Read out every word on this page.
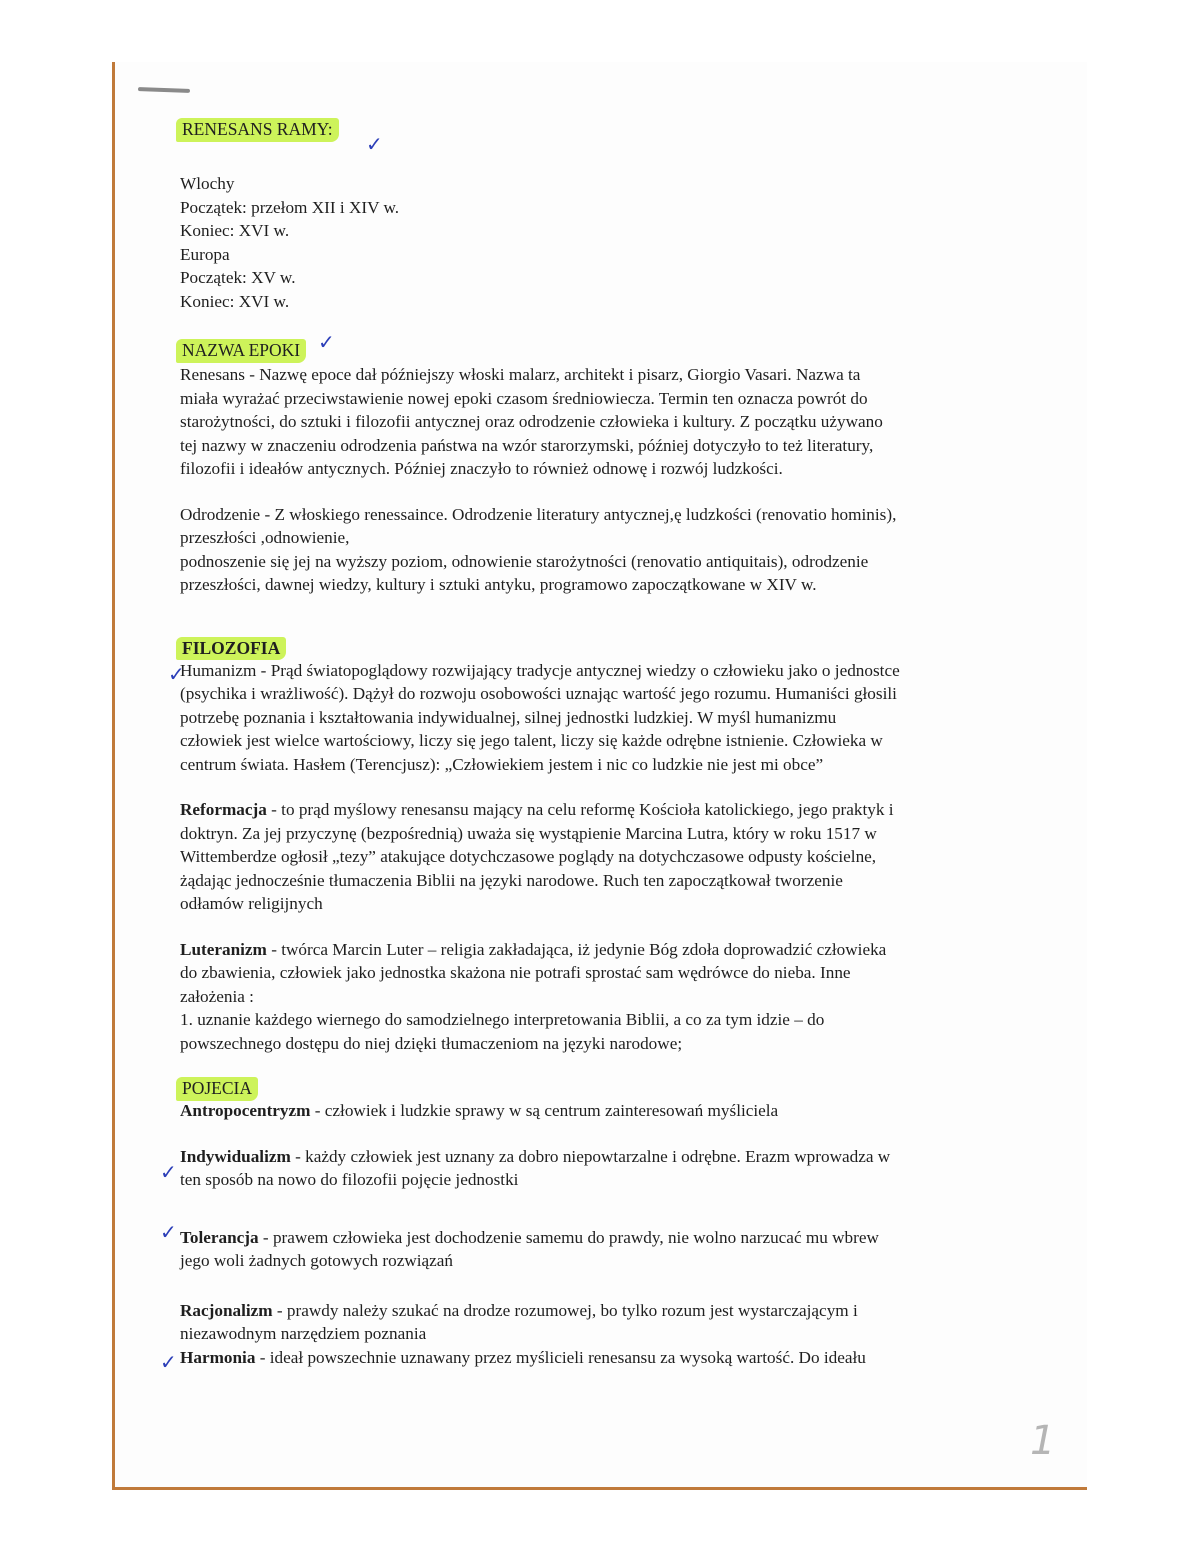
✓
✓
✓
✓
✓
✓
RENESANS RAMY:
Wlochy
Początek: przełom XII i XIV w.
Koniec: XVI w.
Europa
Początek: XV w.
Koniec: XVI w.
NAZWA EPOKI
Renesans - Nazwę epoce dał późniejszy włoski malarz, architekt i pisarz, Giorgio Vasari. Nazwa ta
miała wyrażać przeciwstawienie nowej epoki czasom średniowiecza. Termin ten oznacza powrót do
starożytności, do sztuki i filozofii antycznej oraz odrodzenie człowieka i kultury. Z początku używano
tej nazwy w znaczeniu odrodzenia państwa na wzór starorzymski, później dotyczyło to też literatury,
filozofii i ideałów antycznych. Później znaczyło to również odnowę i rozwój ludzkości.
Odrodzenie - Z włoskiego renessaince. Odrodzenie literatury antycznej,ę ludzkości (renovatio hominis),
przeszłości ,odnowienie,
podnoszenie się jej na wyższy poziom, odnowienie starożytności (renovatio antiquitais), odrodzenie
przeszłości, dawnej wiedzy, kultury i sztuki antyku, programowo zapoczątkowane w XIV w.
FILOZOFIA
Humanizm - Prąd światopoglądowy rozwijający tradycje antycznej wiedzy o człowieku jako o jednostce
(psychika i wrażliwość). Dążył do rozwoju osobowości uznając wartość jego rozumu. Humaniści głosili
potrzebę poznania i kształtowania indywidualnej, silnej jednostki ludzkiej. W myśl humanizmu
człowiek jest wielce wartościowy, liczy się jego talent, liczy się każde odrębne istnienie. Człowieka w
centrum świata. Hasłem (Terencjusz): „Człowiekiem jestem i nic co ludzkie nie jest mi obce”
Reformacja - to prąd myślowy renesansu mający na celu reformę Kościoła katolickiego, jego praktyk i
doktryn. Za jej przyczynę (bezpośrednią) uważa się wystąpienie Marcina Lutra, który w roku 1517 w
Wittemberdze ogłosił „tezy” atakujące dotychczasowe poglądy na dotychczasowe odpusty kościelne,
żądając jednocześnie tłumaczenia Biblii na języki narodowe. Ruch ten zapoczątkował tworzenie
odłamów religijnych
Luteranizm - twórca Marcin Luter – religia zakładająca, iż jedynie Bóg zdoła doprowadzić człowieka
do zbawienia, człowiek jako jednostka skażona nie potrafi sprostać sam wędrówce do nieba. Inne
założenia :
1. uznanie każdego wiernego do samodzielnego interpretowania Biblii, a co za tym idzie – do
powszechnego dostępu do niej dzięki tłumaczeniom na języki narodowe;
POJECIA
Antropocentryzm - człowiek i ludzkie sprawy w są centrum zainteresowań myśliciela
Indywidualizm - każdy człowiek jest uznany za dobro niepowtarzalne i odrębne. Erazm wprowadza w
ten sposób na nowo do filozofii pojęcie jednostki
Tolerancja - prawem człowieka jest dochodzenie samemu do prawdy, nie wolno narzucać mu wbrew
jego woli żadnych gotowych rozwiązań
Racjonalizm - prawdy należy szukać na drodze rozumowej, bo tylko rozum jest wystarczającym i
niezawodnym narzędziem poznania
Harmonia - ideał powszechnie uznawany przez myślicieli renesansu za wysoką wartość. Do ideału
1
